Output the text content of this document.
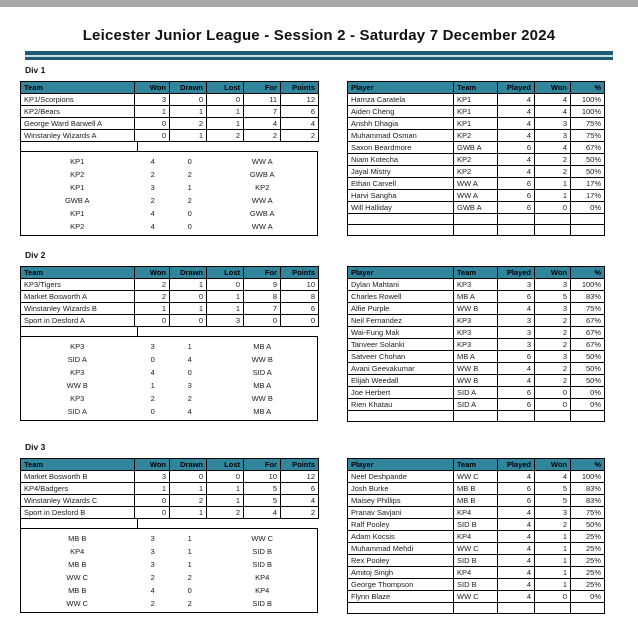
Leicester Junior League - Session 2 - Saturday 7 December 2024
Div 1
Team	Won	Drawn	Lost	For	Points
KP1/Scorpions	3	0	0	11	12
KP2/Bears	1	1	1	7	6
George Ward Barwell A	0	2	1	4	4
Winstanley Wizards A	0	1	2	2	2
KP1	4	0	WW A
KP2	2	2	GWB A
KP1	3	1	KP2
GWB A	2	2	WW A
KP1	4	0	GWB A
KP2	4	0	WW A
Player	Team	Played	Won	%
Hamza Caratela	KP1	4	4	100%
Aiden Cheng	KP1	4	4	100%
Anshh Dhagia	KP1	4	3	75%
Muhammad Osman	KP2	4	3	75%
Saxon Beardmore	GWB A	6	4	67%
Niam Kotecha	KP2	4	2	50%
Jayal Mistry	KP2	4	2	50%
Ethan Carvell	WW A	6	1	17%
Harvi Sangha	WW A	6	1	17%
Will Halliday	GWB A	6	0	0%

Div 2
Team	Won	Drawn	Lost	For	Points
KP3/Tigers	2	1	0	9	10
Market Bosworth A	2	0	1	8	8
Winstanley Wizards B	1	1	1	7	6
Sport in Desford A	0	0	3	0	0
KP3	3	1	MB A
SID A	0	4	WW B
KP3	4	0	SID A
WW B	1	3	MB A
KP3	2	2	WW B
SID A	0	4	MB A
Player	Team	Played	Won	%
Dylan Mahtani	KP3	3	3	100%
Charles Rowell	MB A	6	5	83%
Alfie Purple	WW B	4	3	75%
Neil Fernandez	KP3	3	2	67%
Wai-Fung Mak	KP3	3	2	67%
Tanveer Solanki	KP3	3	2	67%
Satveer Chohan	MB A	6	3	50%
Avani Geevakumar	WW B	4	2	50%
Elijah Weedall	WW B	4	2	50%
Joe Herbert	SID A	6	0	0%
Rien Khatau	SID A	6	0	0%

Div 3
Team	Won	Drawn	Lost	For	Points
Market Bosworth B	3	0	0	10	12
KP4/Badgers	1	1	1	5	6
Winstanley Wizards C	0	2	1	5	4
Sport in Desford B	0	1	2	4	2
MB B	3	1	WW C
KP4	3	1	SID B
MB B	3	1	SID B
WW C	2	2	KP4
MB B	4	0	KP4
WW C	2	2	SID B
Player	Team	Played	Won	%
Neel Deshpande	WW C	4	4	100%
Josh Burke	MB B	6	5	83%
Maisey Phillips	MB B	6	5	83%
Pranav Savjani	KP4	4	3	75%
Ralf Pooley	SID B	4	2	50%
Adam Kocsis	KP4	4	1	25%
Muhammad Mehdi	WW C	4	1	25%
Rex Pooley	SID B	4	1	25%
Amitoj Singh	KP4	4	1	25%
George Thompson	SID B	4	1	25%
Flynn Blaze	WW C	4	0	0%
